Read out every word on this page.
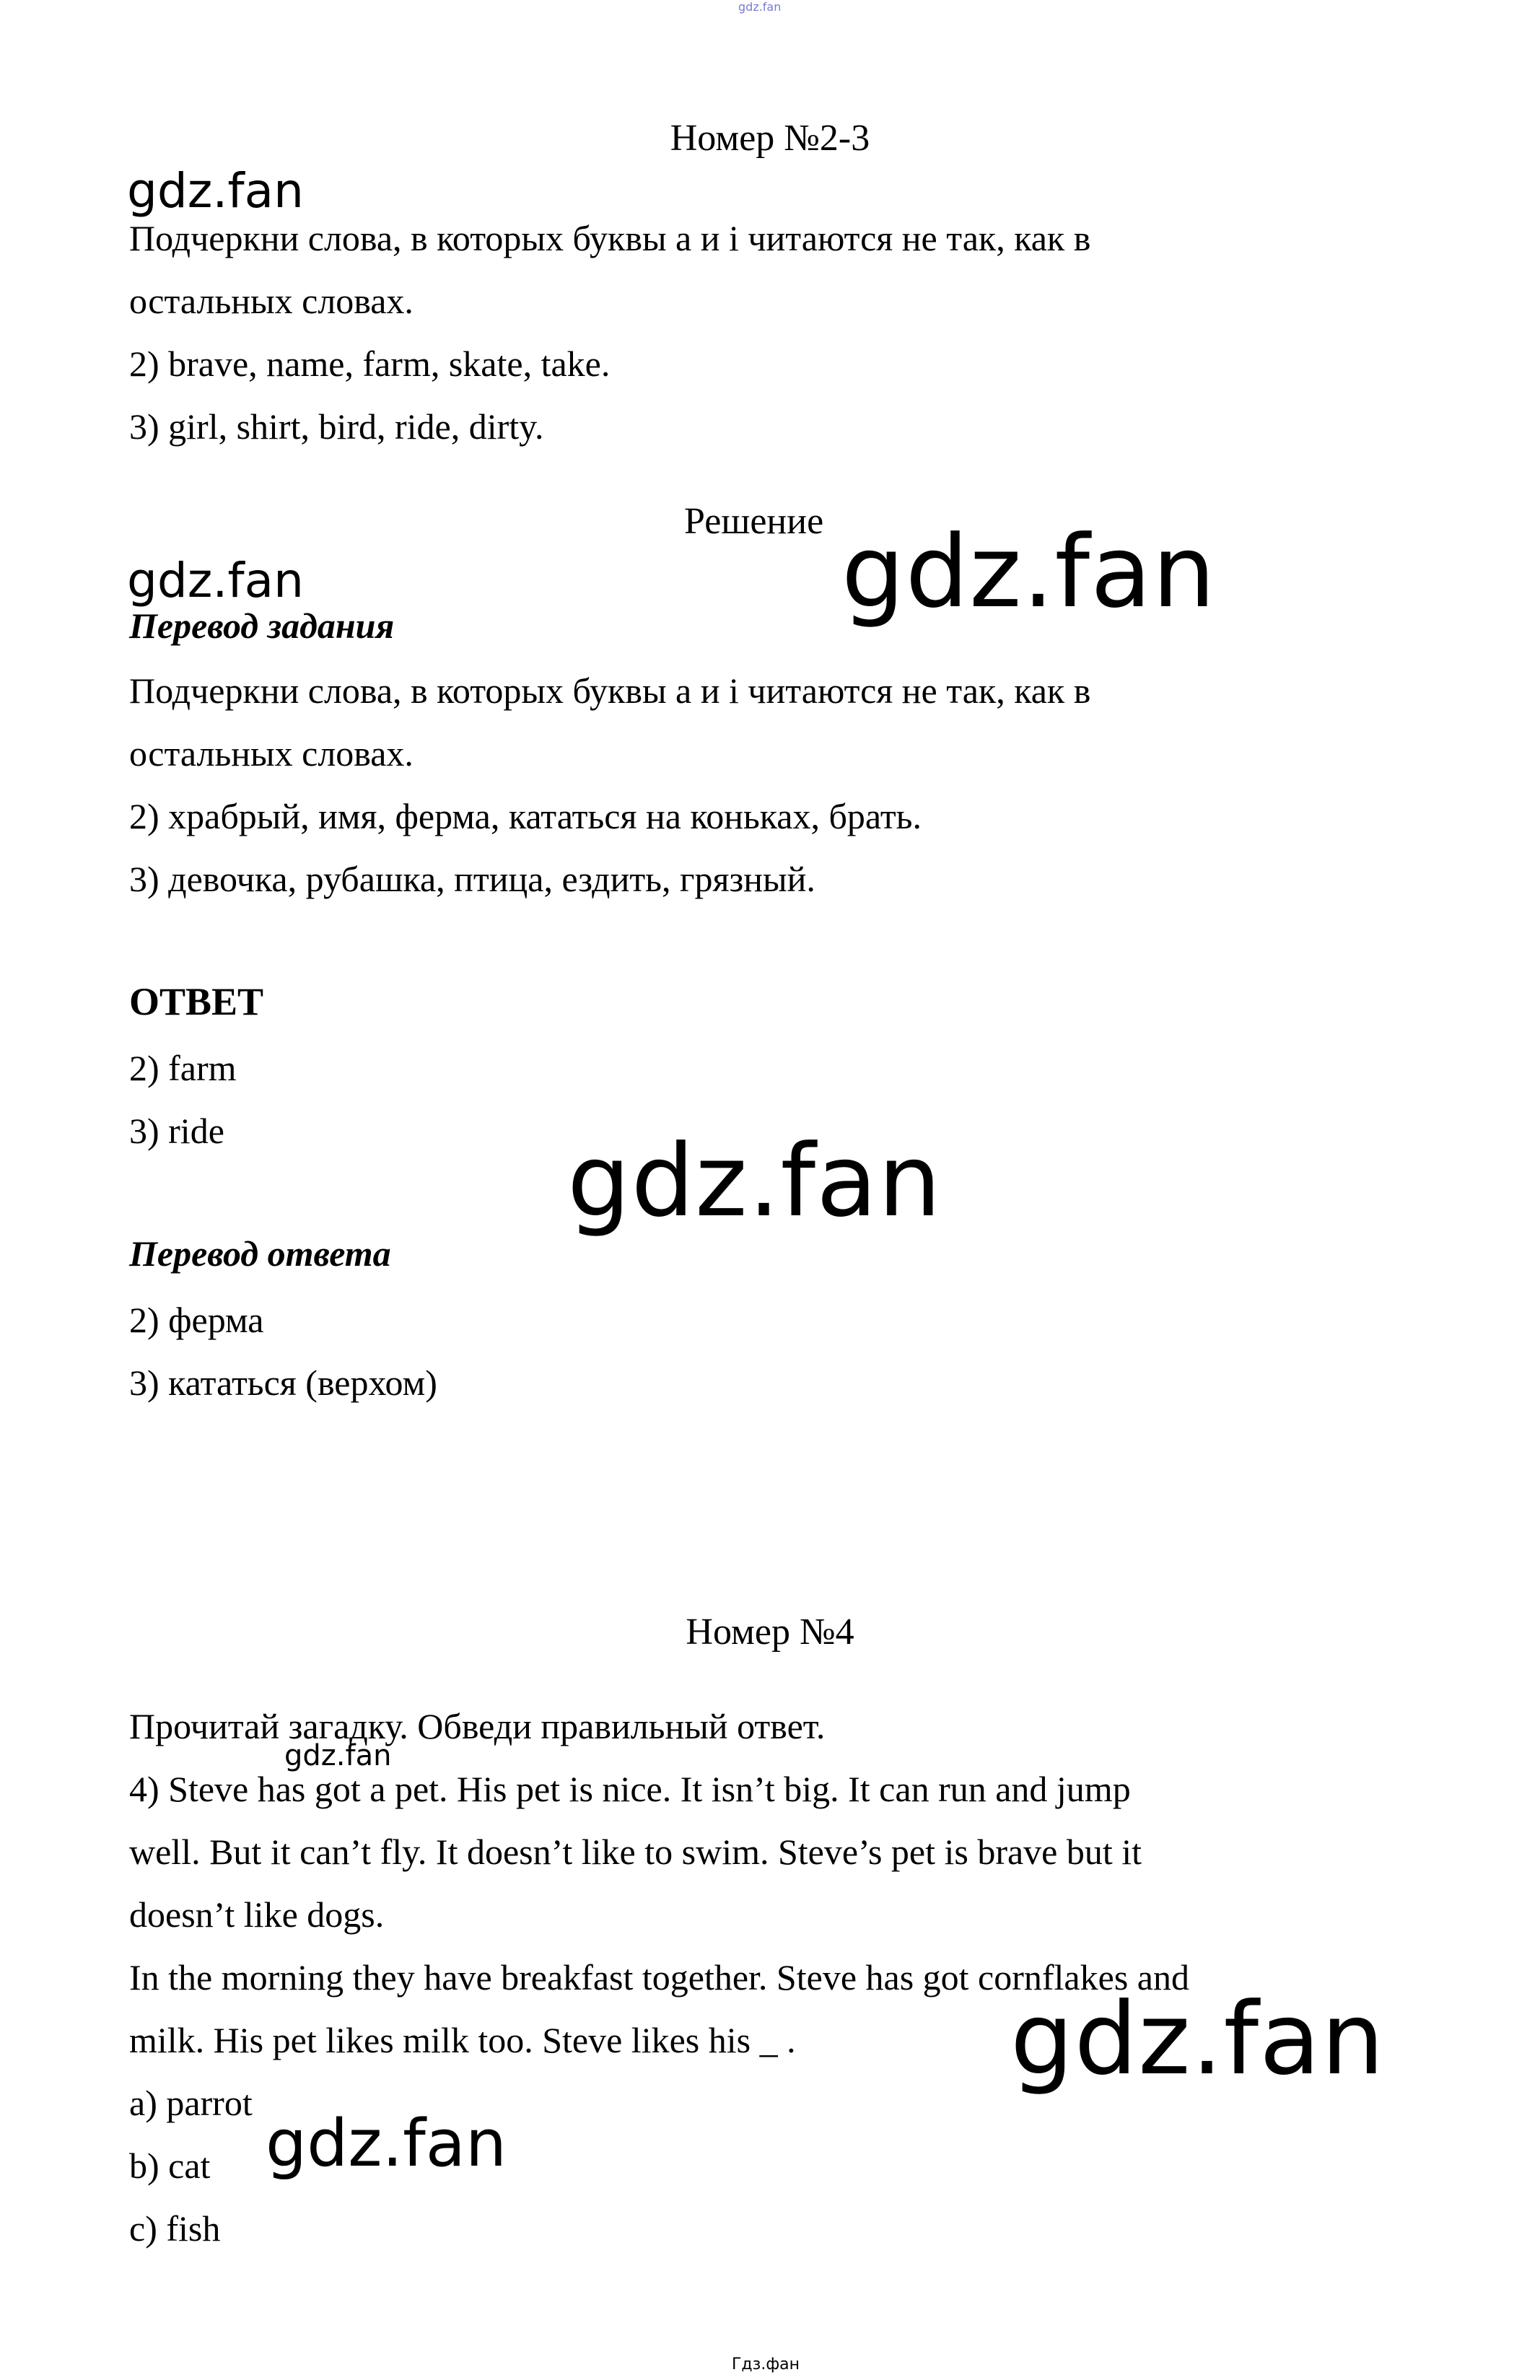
gdz.fan
Номер №2-3
gdz.fan
Подчеркни слова, в которых буквы a и i читаются не так, как в
остальных словах.
2) brave, name, farm, skate, take.
3) girl, shirt, bird, ride, dirty.
Решение gdz.fan
gdz.fan
Перевод задания
Подчеркни слова, в которых буквы a и i читаются не так, как в
остальных словах.
2) храбрый, имя, ферма, кататься на коньках, брать.
3) девочка, рубашка, птица, ездить, грязный.
ОТВЕТ
2) farm
3) ride	gdz.fan
Перевод ответа
2) ферма
3) кататься (верхом)
Номер №4
Прочитай загадку. Обведи правильный ответ.
gdz.fan
4) Steve has got a pet. His pet is nice. It isn’t big. It can run and jump
well. But it can’t fly. It doesn’t like to swim. Steve’s pet is brave but it
doesn’t like dogs.
In the morning they have breakfast together. Steve has got cornflakes and
milk. His pet likes milk too. Steve likes his _ . gdz.fan
a) parrot
b) cat gdz.fan
c) fish
Гдз.фан
